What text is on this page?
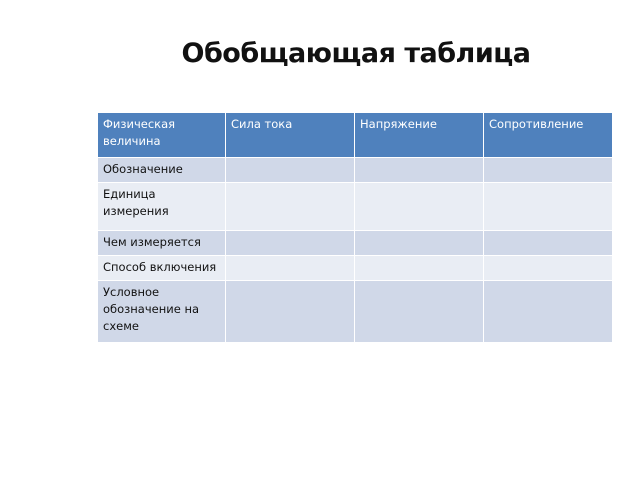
Обобщающая таблица
Физическая величина	Сила тока	Напряжение	Сопротивление
Обозначение			
Единица измерения			
Чем измеряется			
Способ включения			
Условное обозначение на схеме			
